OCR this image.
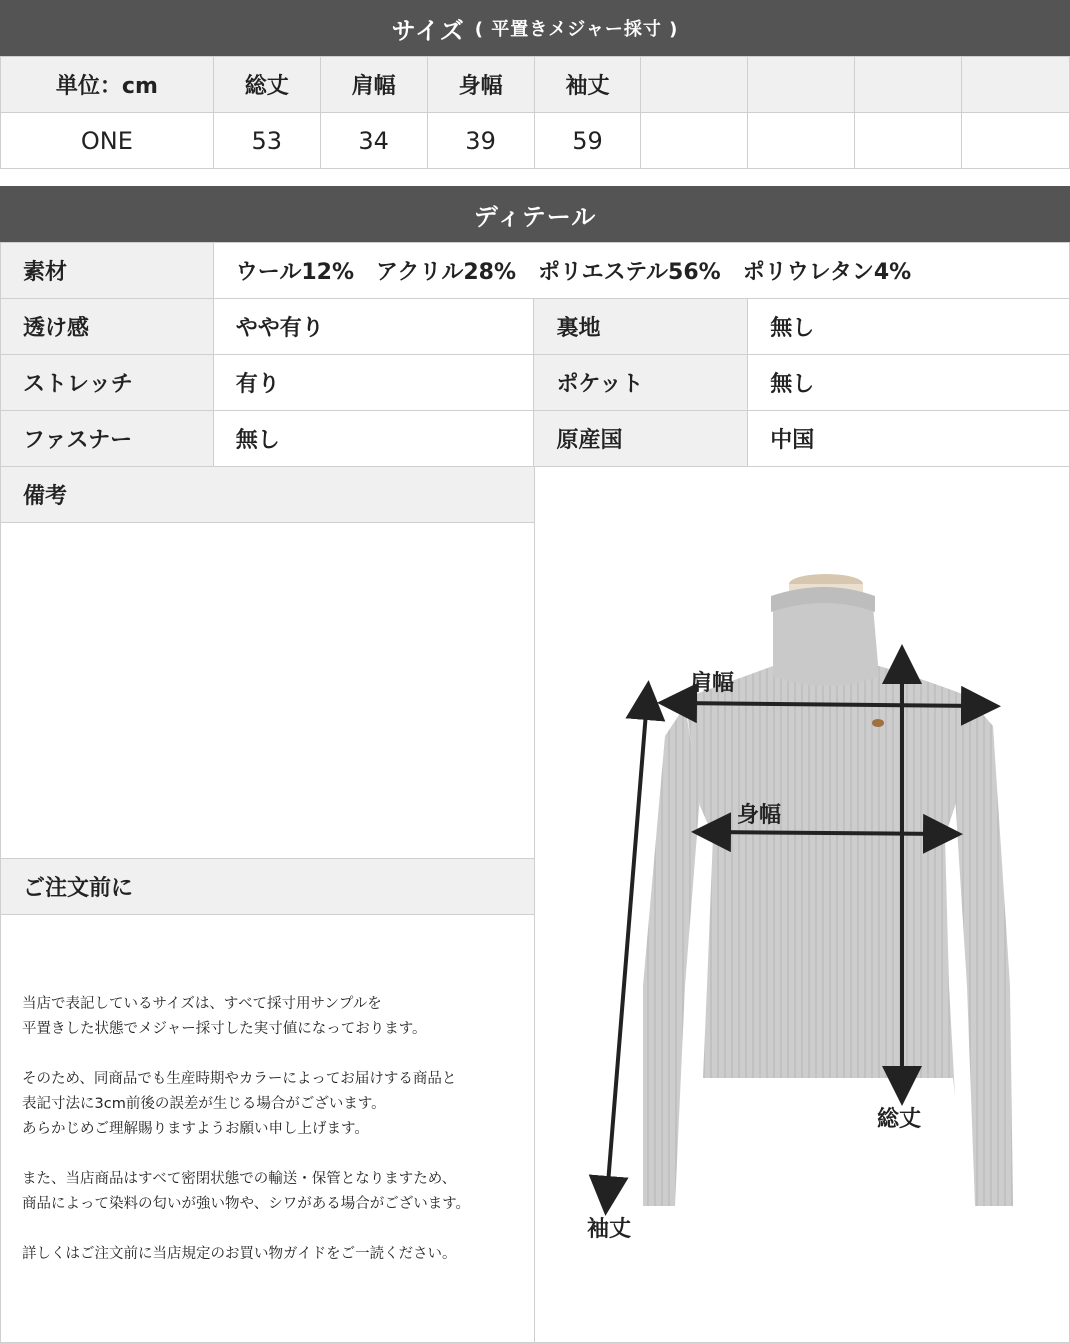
サイズ ( 平置きメジャー採寸 )
単位：cm	総丈	肩幅	身幅	袖丈				
ONE	53	34	39	59				
ディテール
素材	ウール12%　アクリル28%　ポリエステル56%　ポリウレタン4%		
透け感	やや有り	裏地	無し
ストレッチ	有り	ポケット	無し
ファスナー	無し	原産国	中国
備考
ご注文前に

当店で表記しているサイズは、すべて採寸用サンプルを
平置きした状態でメジャー採寸した実寸値になっております。

そのため、同商品でも生産時期やカラーによってお届けする商品と
表記寸法に3cm前後の誤差が生じる場合がございます。
あらかじめご理解賜りますようお願い申し上げます。

また、当店商品はすべて密閉状態での輸送・保管となりますため、
商品によって染料の匂いが強い物や、シワがある場合がございます。

詳しくはご注文前に当店規定のお買い物ガイドをご一読ください。

肩幅
身幅
総丈
袖丈
